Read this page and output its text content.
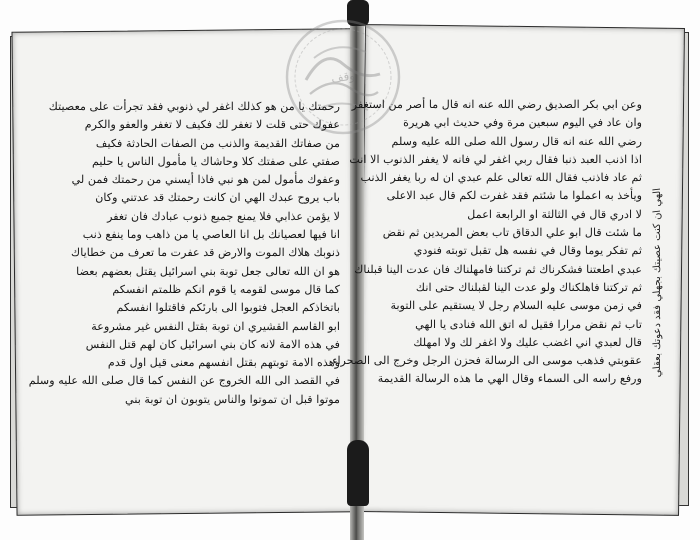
وقف
رحمتك يا من هو كذلك اغفر لي ذنوبي فقد تجرأت على معصيتك
عفوك حتى قلت لا تغفر لك فكيف لا تغفر والعفو والكرم
من صفاتك القديمة والذنب من الصفات الحادثة فكيف
صفتي على صفتك كلا وحاشاك يا مأمول الناس يا حليم
وعفوك مأمول لمن هو نبي فاذا أيسني من رحمتك فمن لي
باب يروح عبدك الهي ان كانت رحمتك قد عدتني وكان
لا يؤمن عذابي فلا يمنع جميع ذنوب عبادك فان تغفر
انا فيها لعصيانك بل انا العاصي يا من ذاهب وما ينفع ذنب
ذنوبك هلاك الموت والارض قد عفرت ما تعرف من خطاياك
هو ان الله تعالى جعل توبة بني اسرائيل يقتل بعضهم بعضا
كما قال موسى لقومه يا قوم انكم ظلمتم انفسكم
باتخاذكم العجل فتوبوا الى بارئكم فاقتلوا انفسكم
ابو القاسم القشيري ان توبة بقتل النفس غير مشروعة
في هذه الامة لانه كان بني اسرائيل كان لهم قتل النفس
وهذه الامة توبتهم بقتل انفسهم معنى قيل اول قدم
في القصد الى الله الخروج عن النفس كما قال صلى الله عليه وسلم
موتوا قبل ان تموتوا والناس يتوبون ان توبة بني
وعن ابي بكر الصديق رضي الله عنه انه قال ما أصر من استغفر
وان عاد في اليوم سبعين مرة وفي حديث ابي هريرة
رضي الله عنه انه قال رسول الله صلى الله عليه وسلم
اذا اذنب العبد ذنبا فقال ربي اغفر لي فانه لا يغفر الذنوب الا انت
ثم عاد فاذنب فقال الله تعالى علم عبدي ان له ربا يغفر الذنب
ويأخذ به اعملوا ما شئتم فقد غفرت لكم قال عبد الاعلى
لا ادري قال في الثالثة او الرابعة اعمل
ما شئت قال ابو علي الدقاق تاب بعض المريدين ثم نقض
ثم تفكر يوما وقال في نفسه هل تقبل توبته فنودي
عبدي اطعتنا فشكرناك ثم تركتنا فامهلناك فان عدت الينا قبلناك
ثم تركتنا فاهلكناك ولو عدت الينا لقبلناك حتى انك
في زمن موسى عليه السلام رجل لا يستقيم على التوبة
تاب ثم نقض مرارا فقيل له اتق الله فنادى يا الهي
قال لعبدي اني اغضب عليك ولا اغفر لك ولا امهلك
عقوبتي فذهب موسى الى الرسالة فحزن الرجل وخرج الى الصحراء
ورفع راسه الى السماء وقال الهي ما هذه الرسالة القديمة
الهي ان كنت عصيتك بجهلي فقد دعوتك بعقلي
